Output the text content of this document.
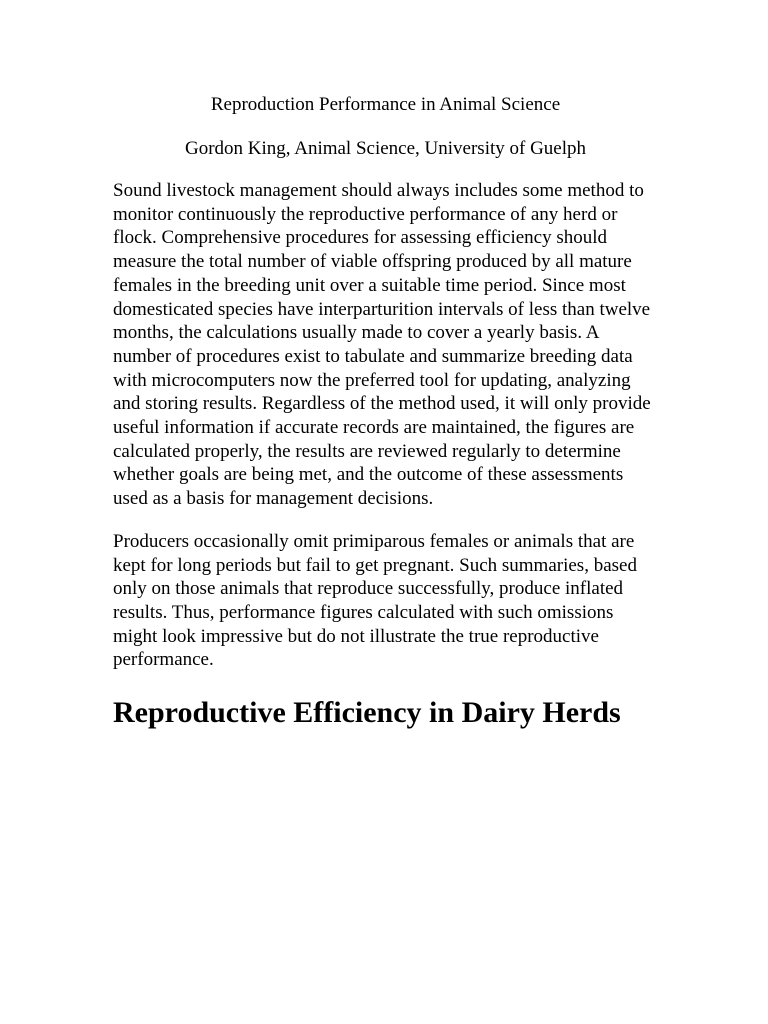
Reproduction Performance in Animal Science

Gordon King, Animal Science, University of Guelph

Sound livestock management should always includes some method to monitor continuously the reproductive performance of any herd or flock. Comprehensive procedures for assessing efficiency should measure the total number of viable offspring produced by all mature females in the breeding unit over a suitable time period. Since most domesticated species have interparturition intervals of less than twelve months, the calculations usually made to cover a yearly basis. A number of procedures exist to tabulate and summarize breeding data with microcomputers now the preferred tool for updating, analyzing and storing results. Regardless of the method used, it will only provide useful information if accurate records are maintained, the figures are calculated properly, the results are reviewed regularly to determine whether goals are being met, and the outcome of these assessments used as a basis for management decisions.

Producers occasionally omit primiparous females or animals that are kept for long periods but fail to get pregnant. Such summaries, based only on those animals that reproduce successfully, produce inflated results. Thus, performance figures calculated with such omissions might look impressive but do not illustrate the true reproductive performance.

Reproductive Efficiency in Dairy Herds
